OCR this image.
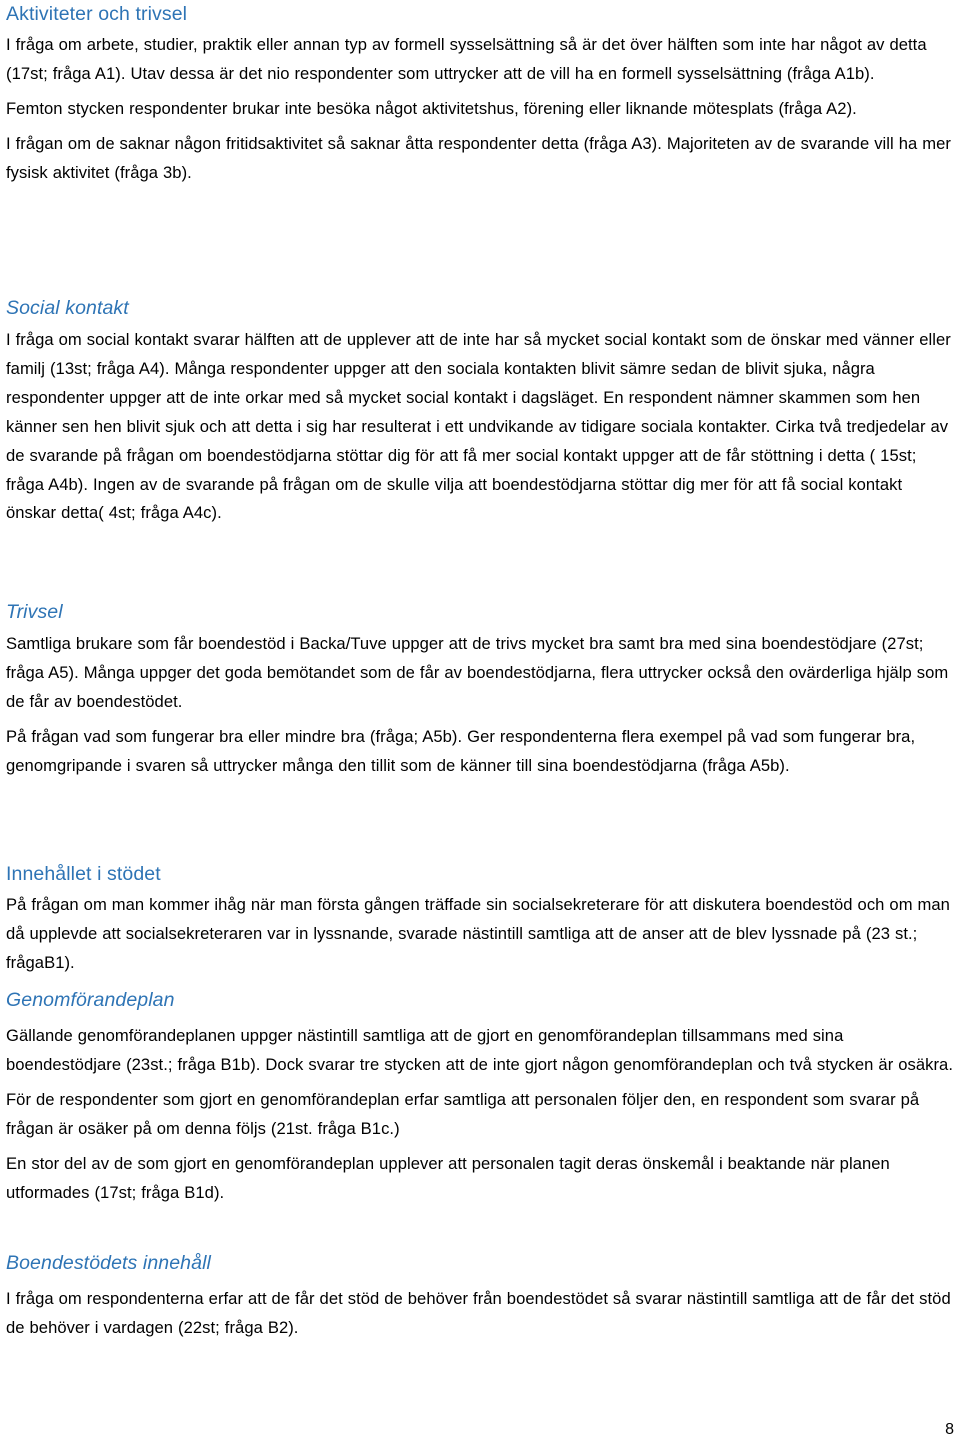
Aktiviteter och trivsel

I fråga om arbete, studier, praktik eller annan typ av formell sysselsättning så är det över hälften som inte har något av detta (17st; fråga A1). Utav dessa är det nio respondenter som uttrycker att de vill ha en formell sysselsättning (fråga A1b).

Femton stycken respondenter brukar inte besöka något aktivitetshus, förening eller liknande mötesplats (fråga A2).

I frågan om de saknar någon fritidsaktivitet så saknar åtta respondenter detta (fråga A3). Majoriteten av de svarande vill ha mer fysisk aktivitet (fråga 3b).

Social kontakt

I fråga om social kontakt svarar hälften att de upplever att de inte har så mycket social kontakt som de önskar med vänner eller familj (13st; fråga A4). Många respondenter uppger att den sociala kontakten blivit sämre sedan de blivit sjuka, några respondenter uppger att de inte orkar med så mycket social kontakt i dagsläget. En respondent nämner skammen som hen känner sen hen blivit sjuk och att detta i sig har resulterat i ett undvikande av tidigare sociala kontakter. Cirka två tredjedelar av de svarande på frågan om boendestödjarna stöttar dig för att få mer social kontakt uppger att de får stöttning i detta ( 15st; fråga A4b). Ingen av de svarande på frågan om de skulle vilja att boendestödjarna stöttar dig mer för att få social kontakt önskar detta( 4st; fråga A4c).

Trivsel

Samtliga brukare som får boendestöd i Backa/Tuve uppger att de trivs mycket bra samt bra med sina boendestödjare (27st; fråga A5). Många uppger det goda bemötandet som de får av boendestödjarna, flera uttrycker också den ovärderliga hjälp som de får av boendestödet.

På frågan vad som fungerar bra eller mindre bra (fråga; A5b). Ger respondenterna flera exempel på vad som fungerar bra, genomgripande i svaren så uttrycker många den tillit som de känner till sina boendestödjarna (fråga A5b).

Innehållet i stödet

På frågan om man kommer ihåg när man första gången träffade sin socialsekreterare för att diskutera boendestöd och om man då upplevde att socialsekreteraren var in lyssnande, svarade nästintill samtliga att de anser att de blev lyssnade på (23 st.; frågaB1).

Genomförandeplan

Gällande genomförandeplanen uppger nästintill samtliga att de gjort en genomförandeplan tillsammans med sina boendestödjare (23st.; fråga B1b). Dock svarar tre stycken att de inte gjort någon genomförandeplan och två stycken är osäkra.

För de respondenter som gjort en genomförandeplan erfar samtliga att personalen följer den, en respondent som svarar på frågan är osäker på om denna följs (21st. fråga B1c.)

En stor del av de som gjort en genomförandeplan upplever att personalen tagit deras önskemål i beaktande när planen utformades (17st; fråga B1d).

Boendestödets innehåll

I fråga om respondenterna erfar att de får det stöd de behöver från boendestödet så svarar nästintill samtliga att de får det stöd de behöver i vardagen (22st; fråga B2).

8
